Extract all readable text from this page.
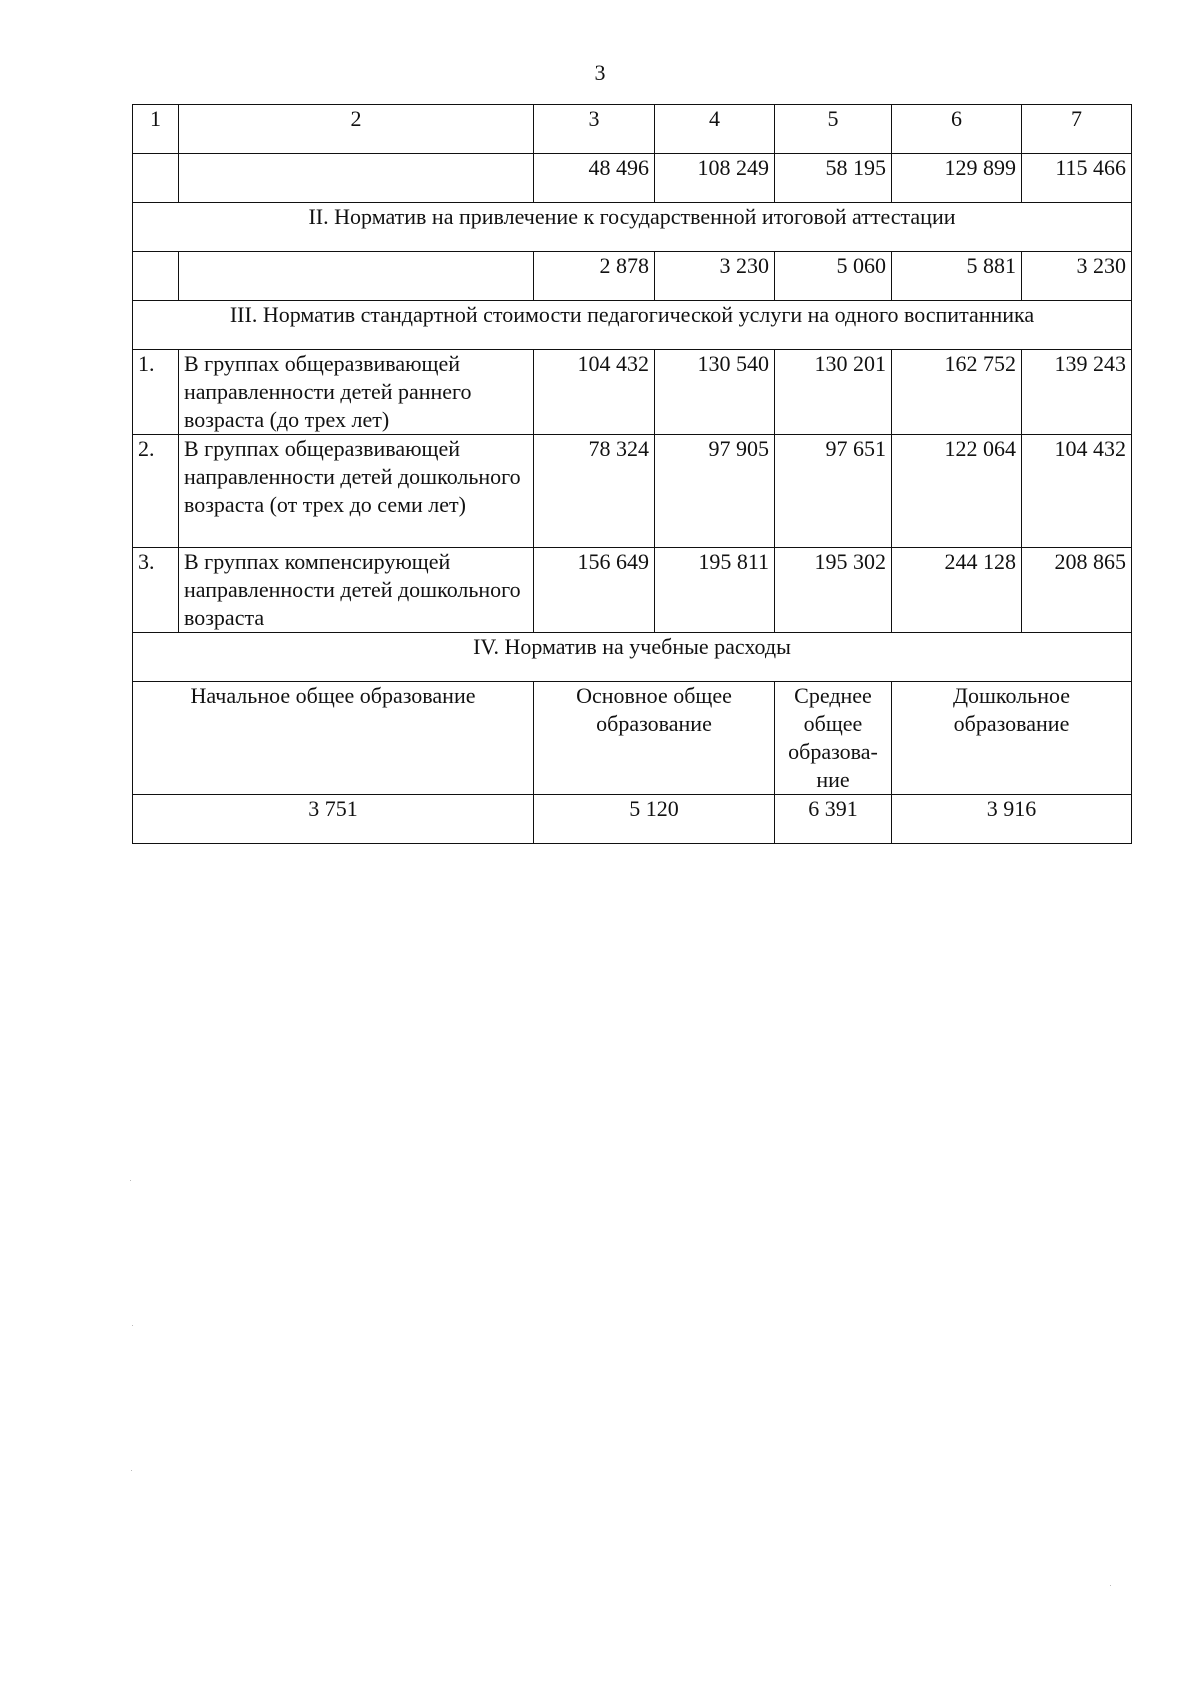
3
1	2	3	4	5	6	7
		48 496	108 249	58 195	129 899	115 466
II. Норматив на привлечение к государственной итоговой аттестации						
		2 878	3 230	5 060	5 881	3 230
III. Норматив стандартной стоимости педагогической услуги на одного воспитанника						
1.	В группах общеразвивающей направленности детей раннего возраста (до трех лет)	104 432	130 540	130 201	162 752	139 243
2.	В группах общеразвивающей направленности детей дошкольного возраста (от трех до семи лет)	78 324	97 905	97 651	122 064	104 432
3.	В группах компенсирующей направленности детей дошкольного возраста	156 649	195 811	195 302	244 128	208 865
IV. Норматив на учебные расходы						
Начальное общее образование		Основное общее образование		Среднее общее образова-ние	Дошкольное образование	
3 751		5 120		6 391	3 916	
